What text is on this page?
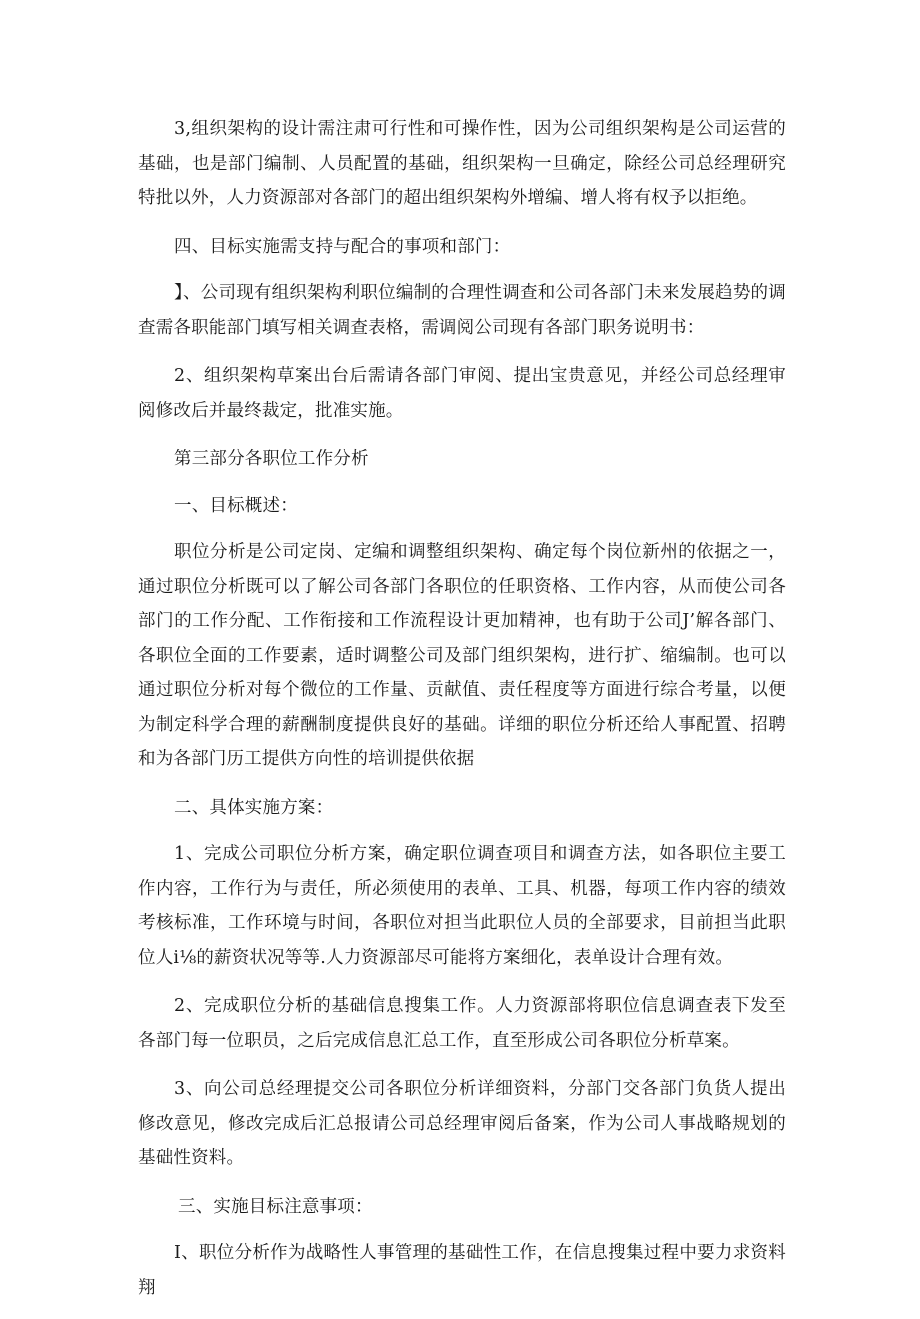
3,组织架构的设计需注肃可行性和可操作性，因为公司组织架构是公司运营的基础，也是部门编制、人员配置的基础，组织架构一旦确定，除经公司总经理研究特批以外，人力资源部对各部门的超出组织架构外增编、增人将有权予以拒绝。

四、目标实施需支持与配合的事项和部门：

】、公司现有组织架构利职位编制的合理性调查和公司各部门未来发展趋势的调查需各职能部门填写相关调查表格，需调阅公司现有各部门职务说明书：

2、组织架构草案出台后需请各部门审阅、提出宝贵意见，并经公司总经理审阅修改后并最终裁定，批准实施。

第三部分各职位工作分析

一、目标概述：

职位分析是公司定岗、定编和调整组织架构、确定每个岗位新州的依据之一，通过职位分析既可以了解公司各部门各职位的任职资格、工作内容，从而使公司各部门的工作分配、工作衔接和工作流程设计更加精神，也有助于公司J’解各部门、各职位全面的工作要素，适时调整公司及部门组织架构，进行扩、缩编制。也可以通过职位分析对每个微位的工作量、贡献值、责任程度等方面进行综合考量，以便为制定科学合理的薪酬制度提供良好的基础。详细的职位分析还给人事配置、招聘和为各部门历工提供方向性的培训提供依据

二、具体实施方案：

1、完成公司职位分析方案，确定职位调查项目和调查方法，如各职位主要工作内容，工作行为与责任，所必须使用的表单、工具、机器，每项工作内容的绩效考核标准，工作环境与时间，各职位对担当此职位人员的全部要求，目前担当此职位人i⅛的薪资状况等等.人力资源部尽可能将方案细化，表单设计合理有效。

2、完成职位分析的基础信息搜集工作。人力资源部将职位信息调查表下发至各部门每一位职员，之后完成信息汇总工作，直至形成公司各职位分析草案。

3、向公司总经理提交公司各职位分析详细资料，分部门交各部门负货人提出修改意见，修改完成后汇总报请公司总经理审阅后备案，作为公司人事战略规划的基础性资料。

三、实施目标注意事项：

I、职位分析作为战略性人事管理的基础性工作，在信息搜集过程中要力求资料翔
